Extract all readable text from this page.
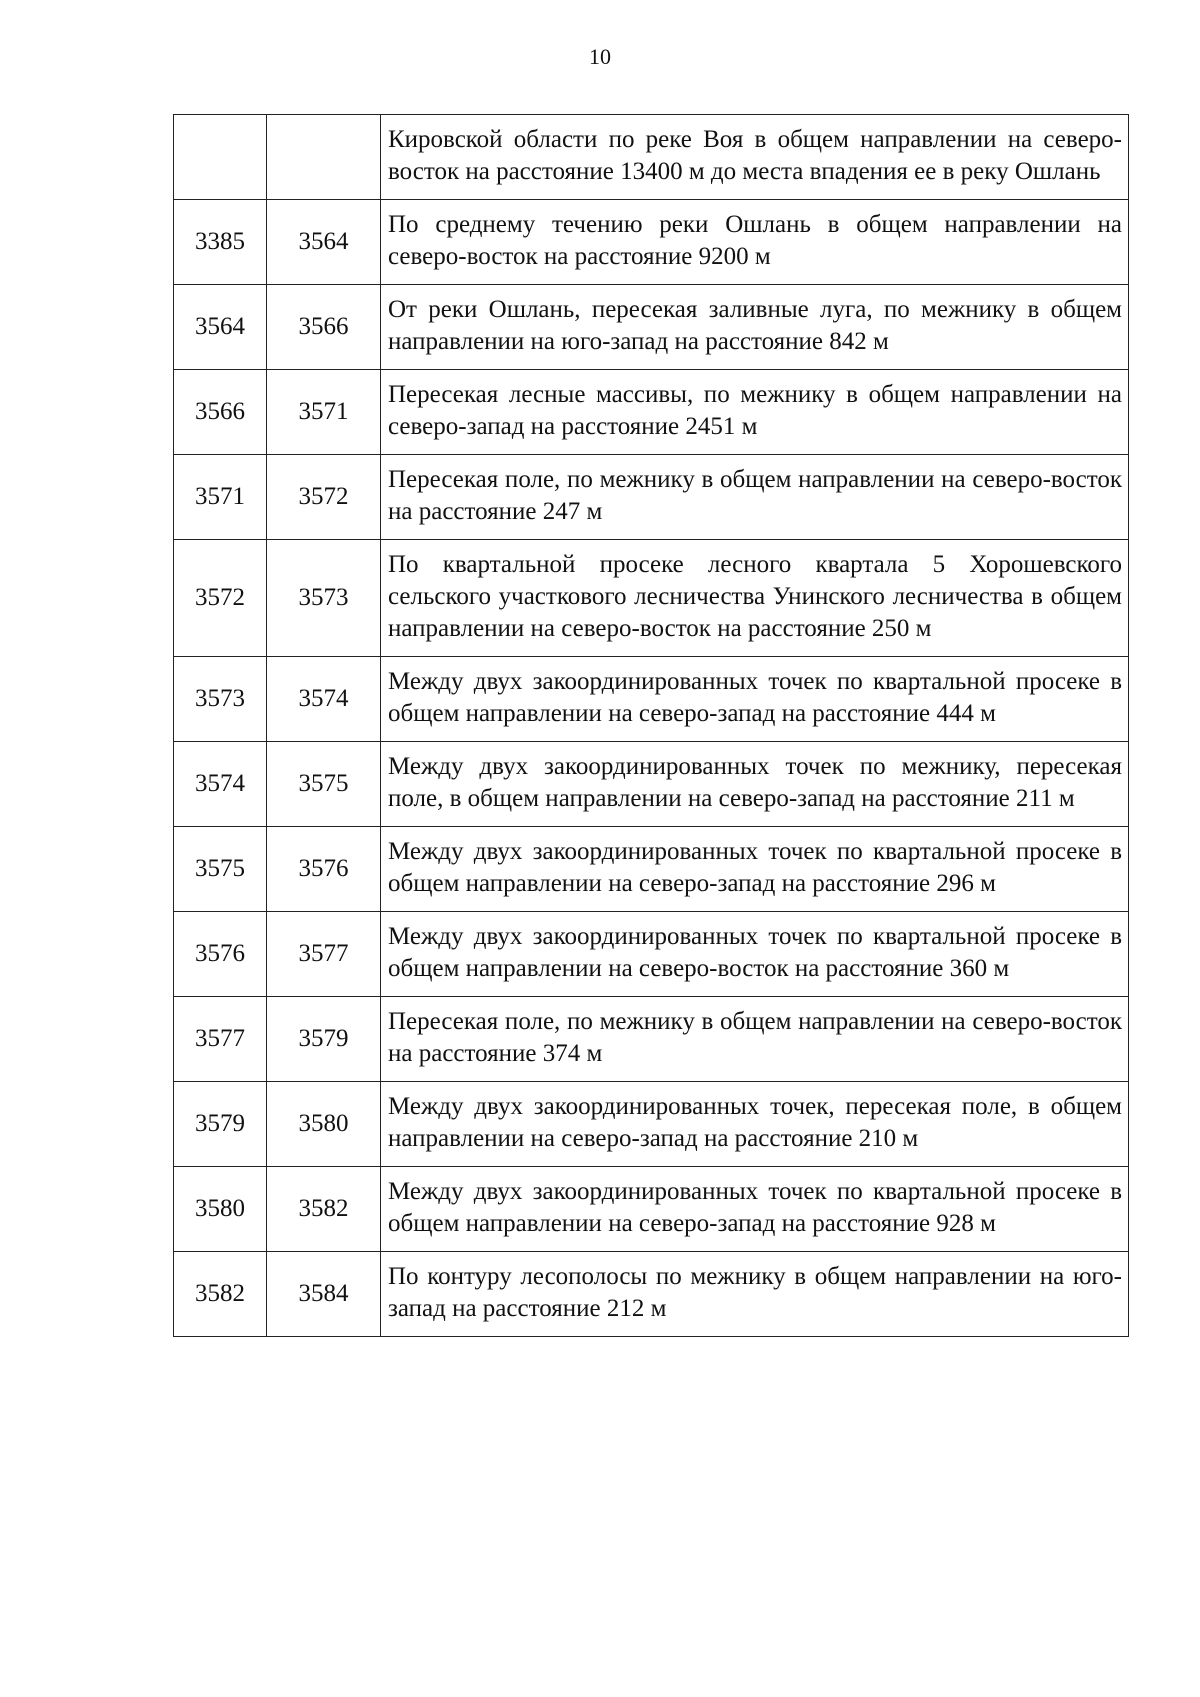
10
		Кировской области по реке Воя в общем направлении на северо-восток на расстояние 13400 м до места впадения ее в реку Ошлань
3385	3564	По среднему течению реки Ошлань в общем направлении на северо-восток на расстояние 9200 м
3564	3566	От реки Ошлань, пересекая заливные луга, по межнику в общем направлении на юго-запад на расстояние 842 м
3566	3571	Пересекая лесные массивы, по межнику в общем направлении на северо-запад на расстояние 2451 м
3571	3572	Пересекая поле, по межнику в общем направлении на северо-восток на расстояние 247 м
3572	3573	По квартальной просеке лесного квартала 5 Хорошевского сельского участкового лесничества Унинского лесничества в общем направлении на северо-восток на расстояние 250 м
3573	3574	Между двух закоординированных точек по квартальной просеке в общем направлении на северо-запад на расстояние 444 м
3574	3575	Между двух закоординированных точек по межнику, пересекая поле, в общем направлении на северо-запад на расстояние 211 м
3575	3576	Между двух закоординированных точек по квартальной просеке в общем направлении на северо-запад на расстояние 296 м
3576	3577	Между двух закоординированных точек по квартальной просеке в общем направлении на северо-восток на расстояние 360 м
3577	3579	Пересекая поле, по межнику в общем направлении на северо-восток на расстояние 374 м
3579	3580	Между двух закоординированных точек, пересекая поле, в общем направлении на северо-запад на расстояние 210 м
3580	3582	Между двух закоординированных точек по квартальной просеке в общем направлении на северо-запад на расстояние 928 м
3582	3584	По контуру лесополосы по межнику в общем направлении на юго-запад на расстояние 212 м
